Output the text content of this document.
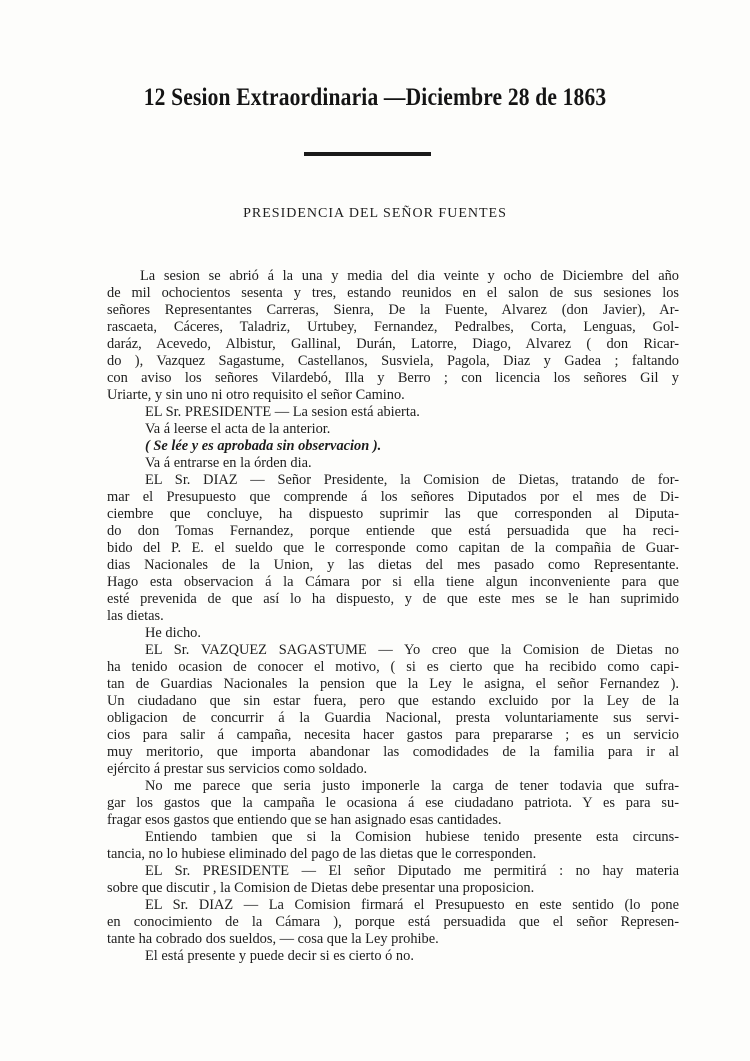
12 Sesion Extraordinaria —Diciembre 28 de 1863
PRESIDENCIA DEL SEÑOR FUENTES
La sesion se abrió á la una y media del dia veinte y ocho de Diciembre del año
de mil ochocientos sesenta y tres, estando reunidos en el salon de sus sesiones los
señores Representantes Carreras, Sienra, De la Fuente, Alvarez (don Javier), Ar-
rascaeta, Cáceres, Taladriz, Urtubey, Fernandez, Pedralbes, Corta, Lenguas, Gol-
daráz, Acevedo, Albistur, Gallinal, Durán, Latorre, Diago, Alvarez ( don Ricar-
do ), Vazquez Sagastume, Castellanos, Susviela, Pagola, Diaz y Gadea ; faltando
con aviso los señores Vilardebó, Illa y Berro ; con licencia los señores Gil y
Uriarte, y sin uno ni otro requisito el señor Camino.
EL Sr. PRESIDENTE — La sesion está abierta.
Va á leerse el acta de la anterior.
( Se lée y es aprobada sin observacion ).
Va á entrarse en la órden dia.
EL Sr. DIAZ — Señor Presidente, la Comision de Dietas, tratando de for-
mar el Presupuesto que comprende á los señores Diputados por el mes de Di-
ciembre que concluye, ha dispuesto suprimir las que corresponden al Diputa-
do don Tomas Fernandez, porque entiende que está persuadida que ha reci-
bido del P. E. el sueldo que le corresponde como capitan de la compañia de Guar-
dias Nacionales de la Union, y las dietas del mes pasado como Representante.
Hago esta observacion á la Cámara por si ella tiene algun inconveniente para que
esté prevenida de que así lo ha dispuesto, y de que este mes se le han suprimido
las dietas.
He dicho.
EL Sr. VAZQUEZ SAGASTUME — Yo creo que la Comision de Dietas no
ha tenido ocasion de conocer el motivo, ( si es cierto que ha recibido como capi-
tan de Guardias Nacionales la pension que la Ley le asigna, el señor Fernandez ).
Un ciudadano que sin estar fuera, pero que estando excluido por la Ley de la
obligacion de concurrir á la Guardia Nacional, presta voluntariamente sus servi-
cios para salir á campaña, necesita hacer gastos para prepararse ; es un servicio
muy meritorio, que importa abandonar las comodidades de la familia para ir al
ejército á prestar sus servicios como soldado.
No me parece que seria justo imponerle la carga de tener todavia que sufra-
gar los gastos que la campaña le ocasiona á ese ciudadano patriota. Y es para su-
fragar esos gastos que entiendo que se han asignado esas cantidades.
Entiendo tambien que si la Comision hubiese tenido presente esta circuns-
tancia, no lo hubiese eliminado del pago de las dietas que le corresponden.
EL Sr. PRESIDENTE — El señor Diputado me permitirá : no hay materia
sobre que discutir , la Comision de Dietas debe presentar una proposicion.
EL Sr. DIAZ — La Comision firmará el Presupuesto en este sentido (lo pone
en conocimiento de la Cámara ), porque está persuadida que el señor Represen-
tante ha cobrado dos sueldos, — cosa que la Ley prohibe.
El está presente y puede decir si es cierto ó no.
